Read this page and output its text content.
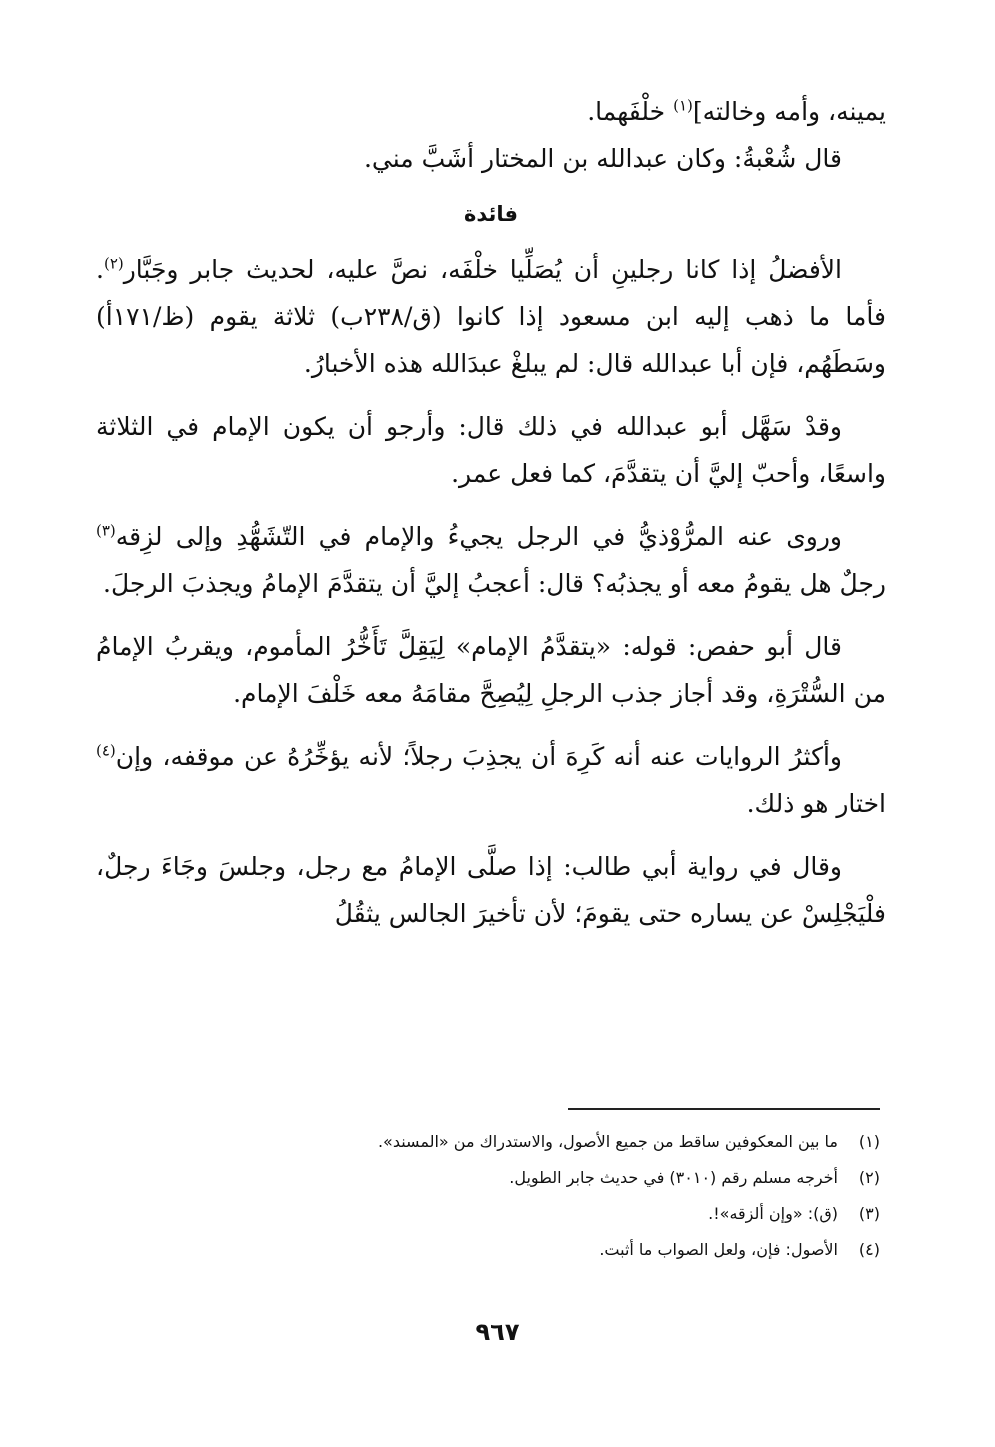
يمينه، وأمه وخالته]$^{(١)}$ خلْفَهما.

قال شُعْبةُ: وكان عبدالله بن المختار أشَبَّ مني.

فائدة

الأفضلُ إذا كانا رجلينِ أن يُصَلِّيا خلْفَه، نصَّ عليه، لحديث جابر وجَبَّار$^{(٢)}$. فأما ما ذهب إليه ابن مسعود إذا كانوا (ق/٢٣٨ب) ثلاثة يقوم (ظ/١٧١أ) وسَطَهُم، فإن أبا عبدالله قال: لم يبلغْ عبدَالله هذه الأخبارُ.

وقدْ سَهَّل أبو عبدالله في ذلك قال: وأرجو أن يكون الإمام في الثلاثة واسعًا، وأحبّ إليَّ أن يتقدَّمَ، كما فعل عمر.

وروى عنه المرُّوْذيُّ في الرجل يجيءُ والإمام في التّشَهُّدِ وإلى لزِقه$^{(٣)}$ رجلٌ هل يقومُ معه أو يجذبُه؟ قال: أعجبُ إليَّ أن يتقدَّمَ الإمامُ ويجذبَ الرجلَ.

قال أبو حفص: قوله: «يتقدَّمُ الإمام» لِيَقِلَّ تَأَخُّرُ المأموم، ويقربُ الإمامُ من السُّتْرَةِ، وقد أجاز جذب الرجلِ لِيُصِحَّ مقامَهُ معه خَلْفَ الإمام.

وأكثرُ الروايات عنه أنه كَرِهَ أن يجذِبَ رجلاً؛ لأنه يؤخِّرُهُ عن موقفه، وإن$^{(٤)}$ اختار هو ذلك.

وقال في رواية أبي طالب: إذا صلَّى الإمامُ مع رجل، وجلسَ وجَاءَ رجلٌ، فلْيَجْلِسْ عن يساره حتى يقومَ؛ لأن تأخيرَ الجالس يثقُلُ

(١)ما بين المعكوفين ساقط من جميع الأصول، والاستدراك من «المسند».
(٢)أخرجه مسلم رقم (٣٠١٠) في حديث جابر الطويل.
(٣)(ق): «وإن ألزقه»!.
(٤)الأصول: فإن، ولعل الصواب ما أثبت.
٩٦٧
